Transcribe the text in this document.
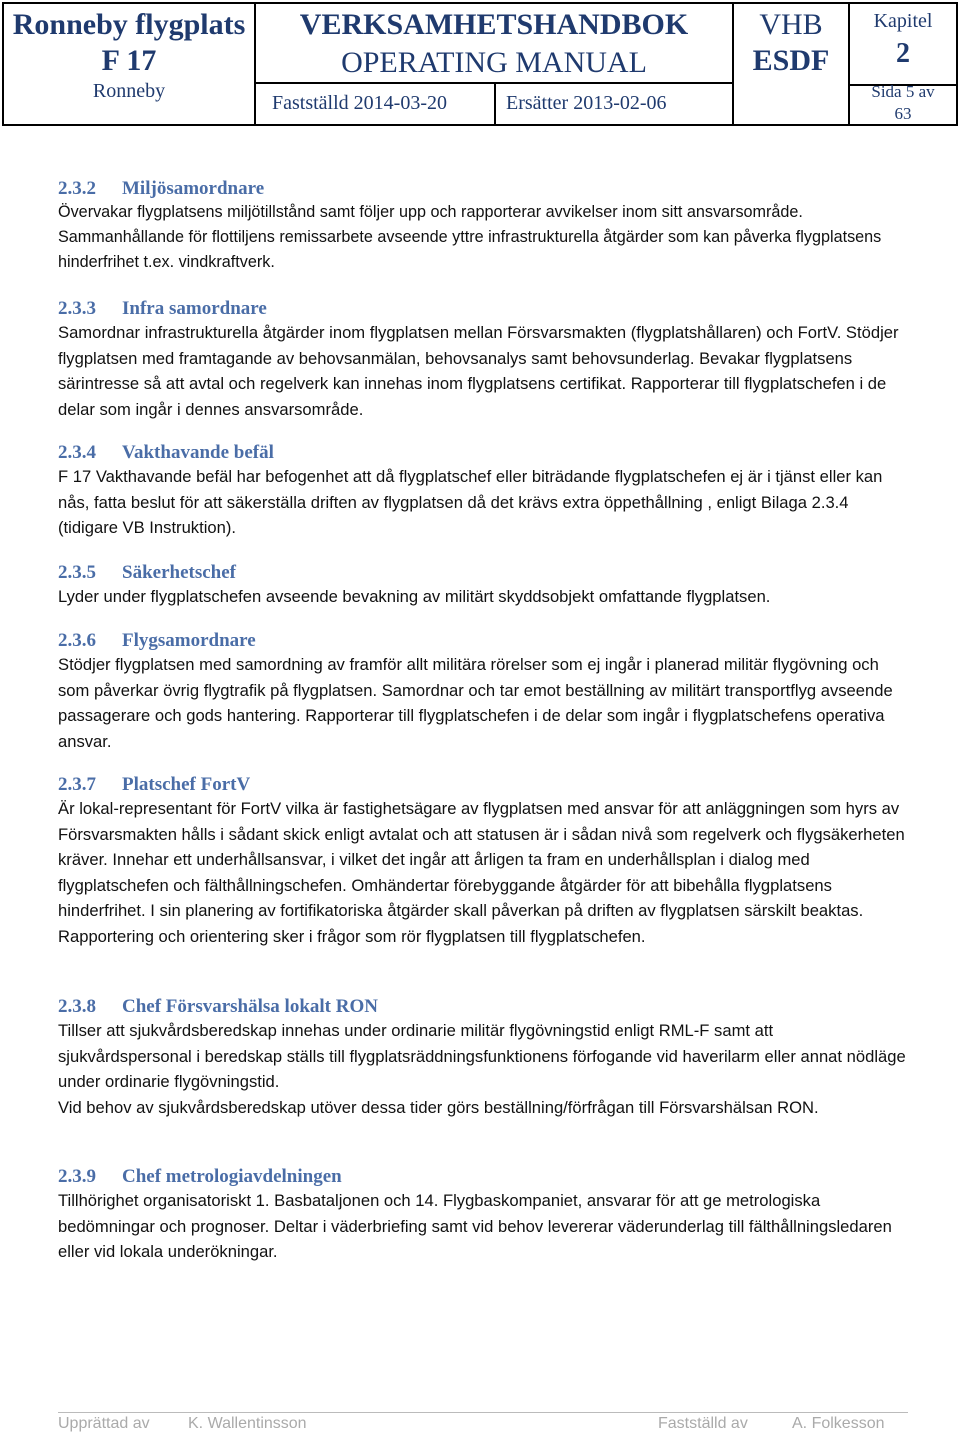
Ronneby flygplats
F 17
Ronneby
VERKSAMHETSHANDBOK
OPERATING MANUAL
Fastställd 2014-03-20	Ersätter 2013-02-06
VHB
ESDF
Kapitel
2
Sida 5 av
63
2.3.2 Miljösamordnare
Övervakar flygplatsens miljötillstånd samt följer upp och rapporterar avvikelser inom sitt ansvarsområde. Sammanhållande för flottiljens remissarbete avseende yttre infrastrukturella åtgärder som kan påverka flygplatsens hinderfrihet t.ex. vindkraftverk.
2.3.3 Infra samordnare
Samordnar infrastrukturella åtgärder inom flygplatsen mellan Försvarsmakten (flygplatshållaren) och FortV. Stödjer flygplatsen med framtagande av behovsanmälan, behovsanalys samt behovsunderlag. Bevakar flygplatsens särintresse så att avtal och regelverk kan innehas inom flygplatsens certifikat. Rapporterar till flygplatschefen i de delar som ingår i dennes ansvarsområde.
2.3.4 Vakthavande befäl
F 17 Vakthavande befäl har befogenhet att då flygplatschef eller biträdande flygplatschefen ej är i tjänst eller kan nås, fatta beslut för att säkerställa driften av flygplatsen då det krävs extra öppethållning , enligt Bilaga 2.3.4 (tidigare VB Instruktion).
2.3.5 Säkerhetschef
Lyder under flygplatschefen avseende bevakning av militärt skyddsobjekt omfattande flygplatsen.
2.3.6 Flygsamordnare
Stödjer flygplatsen med samordning av framför allt militära rörelser som ej ingår i planerad militär flygövning och som påverkar övrig flygtrafik på flygplatsen. Samordnar och tar emot beställning av militärt transportflyg avseende passagerare och gods hantering. Rapporterar till flygplatschefen i de delar som ingår i flygplatschefens operativa ansvar.
2.3.7 Platschef FortV
Är lokal-representant för FortV vilka är fastighetsägare av flygplatsen med ansvar för att anläggningen som hyrs av Försvarsmakten hålls i sådant skick enligt avtalat och att statusen är i sådan nivå som regelverk och flygsäkerheten kräver. Innehar ett underhållsansvar, i vilket det ingår att årligen ta fram en underhållsplan i dialog med flygplatschefen och fälthållningschefen. Omhändertar förebyggande åtgärder för att bibehålla flygplatsens hinderfrihet. I sin planering av fortifikatoriska åtgärder skall påverkan på driften av flygplatsen särskilt beaktas. Rapportering och orientering sker i frågor som rör flygplatsen till flygplatschefen.
2.3.8 Chef Försvarshälsa lokalt RON
Tillser att sjukvårdsberedskap innehas under ordinarie militär flygövningstid enligt RML-F samt att sjukvårdspersonal i beredskap ställs till flygplatsräddningsfunktionens förfogande vid haverilarm eller annat nödläge under ordinarie flygövningstid.
Vid behov av sjukvårdsberedskap utöver dessa tider görs beställning/förfrågan till Försvarshälsan RON.
2.3.9 Chef metrologiavdelningen
Tillhörighet organisatoriskt 1. Basbataljonen och 14. Flygbaskompaniet, ansvarar för att ge metrologiska bedömningar och prognoser. Deltar i väderbriefing samt vid behov levererar väderunderlag till fälthållningsledaren eller vid lokala underökningar.
Upprättad av K. Wallentinsson	Fastställd av	A. Folkesson
